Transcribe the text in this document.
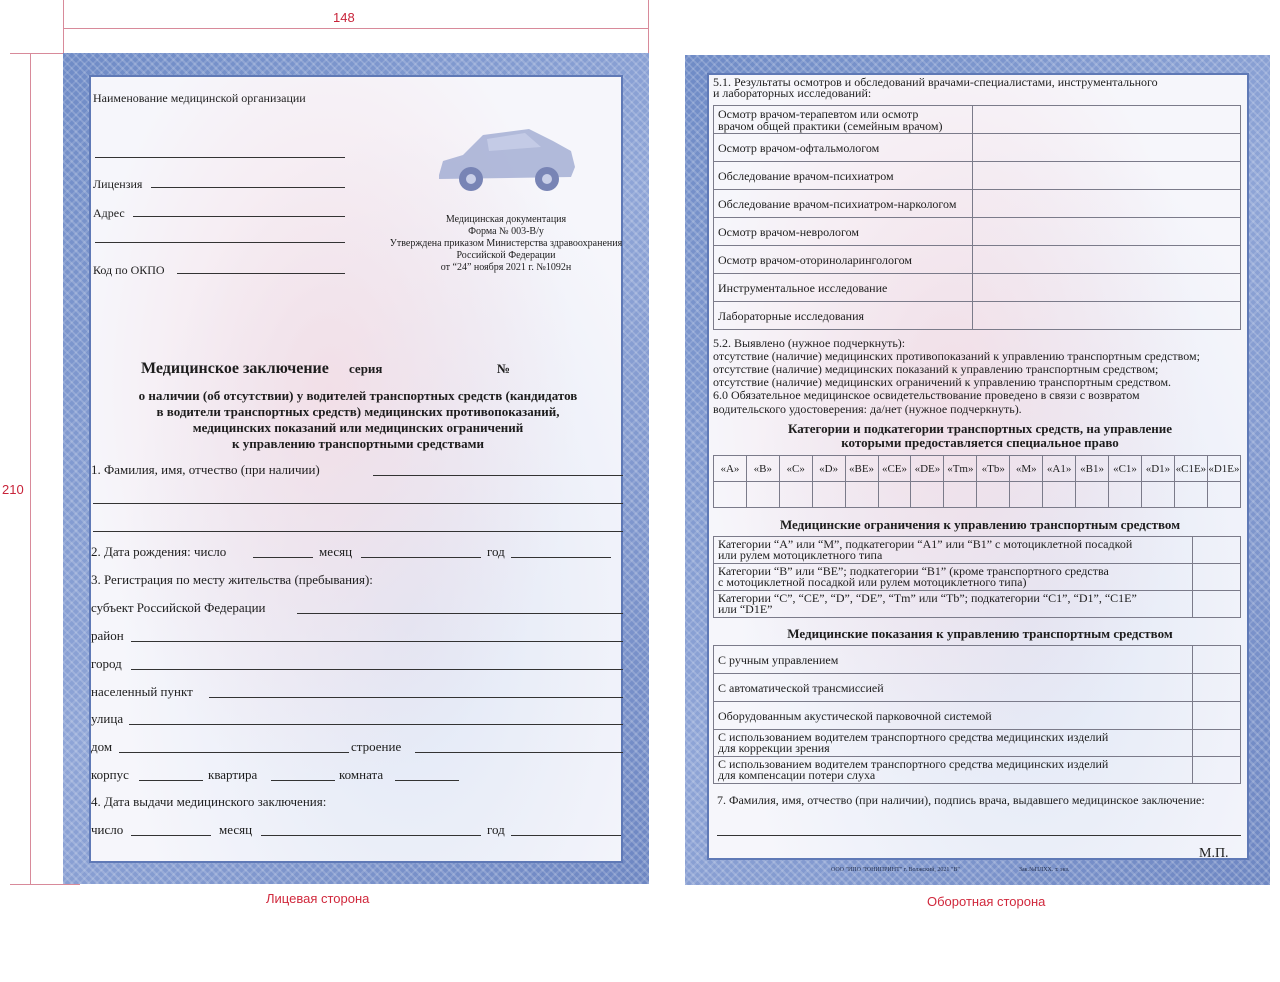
148
210
Наименование медицинской организации
Лицензия
Адрес
Код по ОКПО
Медицинская документация
Форма № 003-В/у
Утверждена приказом Министерства здравоохранения
Российской Федерации
от “24” ноября 2021 г. №1092н
Медицинское заключение серия	№
о наличии (об отсутствии) у водителей транспортных средств (кандидатов
в водители транспортных средств) медицинских противопоказаний,
медицинских показаний или медицинских ограничений
к управлению транспортными средствами
1. Фамилия, имя, отчество (при наличии)
2. Дата рождения: число	месяц	год
3. Регистрация по месту жительства (пребывания):
субъект Российской Федерации
район
город
населенный пункт
улица
дом	строение
корпус	квартира	комната
4. Дата выдачи медицинского заключения:
число	месяц	год
Лицевая сторона
5.1. Результаты осмотров и обследований врачами-специалистами, инструментального
и лабораторных исследований:
Осмотр врачом-терапевтом или осмотр
врачом общей практики (семейным врачом)	
Осмотр врачом-офтальмологом	
Обследование врачом-психиатром	
Обследование врачом-психиатром-наркологом	
Осмотр врачом-неврологом	
Осмотр врачом-оториноларингологом	
Инструментальное исследование	
Лабораторные исследования	
5.2. Выявлено (нужное подчеркнуть):
отсутствие (наличие) медицинских противопоказаний к управлению транспортным средством;
отсутствие (наличие) медицинских показаний к управлению транспортным средством;
отсутствие (наличие) медицинских ограничений к управлению транспортным средством.
6.0 Обязательное медицинское освидетельствование проведено в связи с возвратом
водительского удостоверения: да/нет (нужное подчеркнуть).
Категории и подкатегории транспортных средств, на управление
которыми предоставляется специальное право
«A»	«B»	«C»	«D»	«BE»	«CE»	«DE»	«Tm»	«Tb»	«M»	«A1»	«B1»	«C1»	«D1»	«C1E»	«D1E»

Медицинские ограничения к управлению транспортным средством
Категории “A” или “M”, подкатегории “A1” или “B1” с мотоциклетной посадкой
или рулем мотоциклетного типа	
Категории “B” или “BE”; подкатегории “B1” (кроме транспортного средства
с мотоциклетной посадкой или рулем мотоциклетного типа)	
Категории “C”, “CE”, “D”, “DE”, “Tm” или “Tb”; подкатегории “C1”, “D1”, “C1E”
или “D1E”	
Медицинские показания к управлению транспортным средством
С ручным управлением	
С автоматической трансмиссией	
Оборудованным акустической парковочной системой	
С использованием водителем транспортного средства медицинских изделий
для коррекции зрения	
С использованием водителем транспортного средства медицинских изделий
для компенсации потери слуха	
7. Фамилия, имя, отчество (при наличии), подпись врача, выдавшего медицинское заключение:
М.П.
ООО "ИПО "ЮНИПРИНТ" г. Волжский, 2021 "В"	Зак.№ПЛХХ. т. экз.
Оборотная сторона
